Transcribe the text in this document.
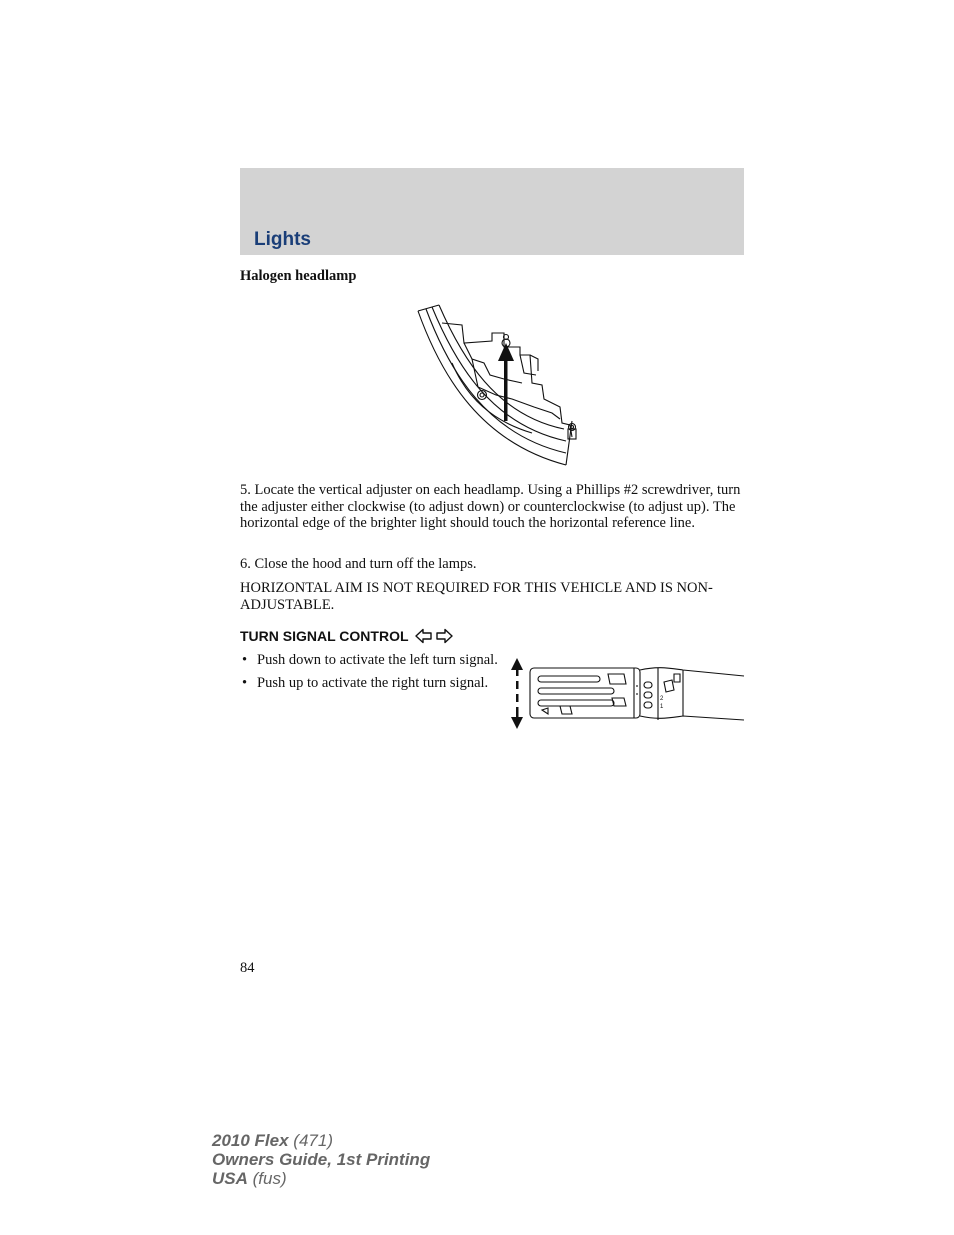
Lights
Halogen headlamp
5. Locate the vertical adjuster on each headlamp. Using a Phillips #2 screwdriver, turn the adjuster either clockwise (to adjust down) or counterclockwise (to adjust up). The horizontal edge of the brighter light should touch the horizontal reference line.
6. Close the hood and turn off the lamps.
HORIZONTAL AIM IS NOT REQUIRED FOR THIS VEHICLE AND IS NON-ADJUSTABLE.
TURN SIGNAL CONTROL
• Push down to activate the left turn signal.
• Push up to activate the right turn signal.
2
1
84
2010 Flex (471)
Owners Guide, 1st Printing
USA (fus)
